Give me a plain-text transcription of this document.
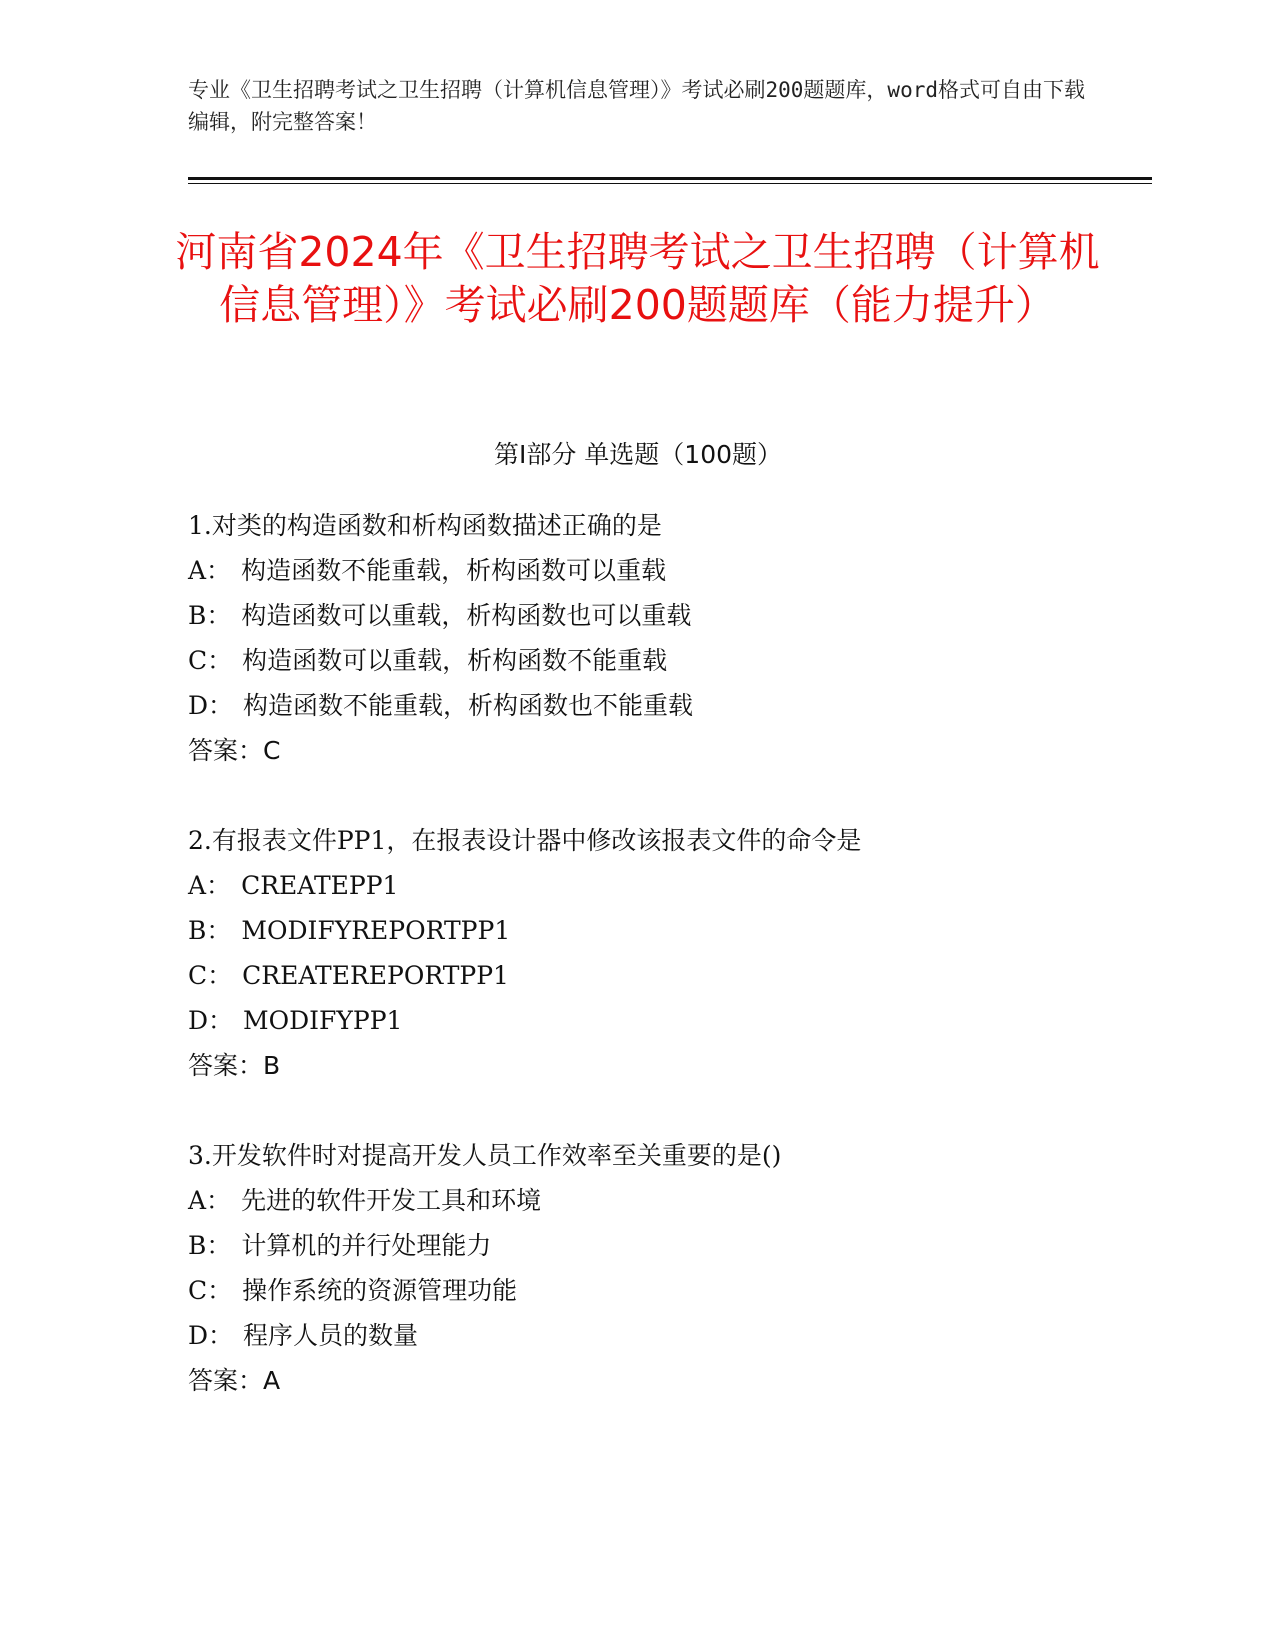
专业《卫生招聘考试之卫生招聘（计算机信息管理）》考试必刷200题题库，word格式可自由下载编辑，附完整答案！
河南省2024年《卫生招聘考试之卫生招聘（计算机信息管理）》考试必刷200题题库（能力提升）
第Ⅰ部分 单选题（100题）
1.对类的构造函数和析构函数描述正确的是
A： 构造函数不能重载，析构函数可以重载
B： 构造函数可以重载，析构函数也可以重载
C： 构造函数可以重载，析构函数不能重载
D： 构造函数不能重载，析构函数也不能重载
答案：C
2.有报表文件PP1，在报表设计器中修改该报表文件的命令是
A： CREATEPP1
B： MODIFYREPORTPP1
C： CREATEREPORTPP1
D： MODIFYPP1
答案：B
3.开发软件时对提高开发人员工作效率至关重要的是()
A： 先进的软件开发工具和环境
B： 计算机的并行处理能力
C： 操作系统的资源管理功能
D： 程序人员的数量
答案：A
